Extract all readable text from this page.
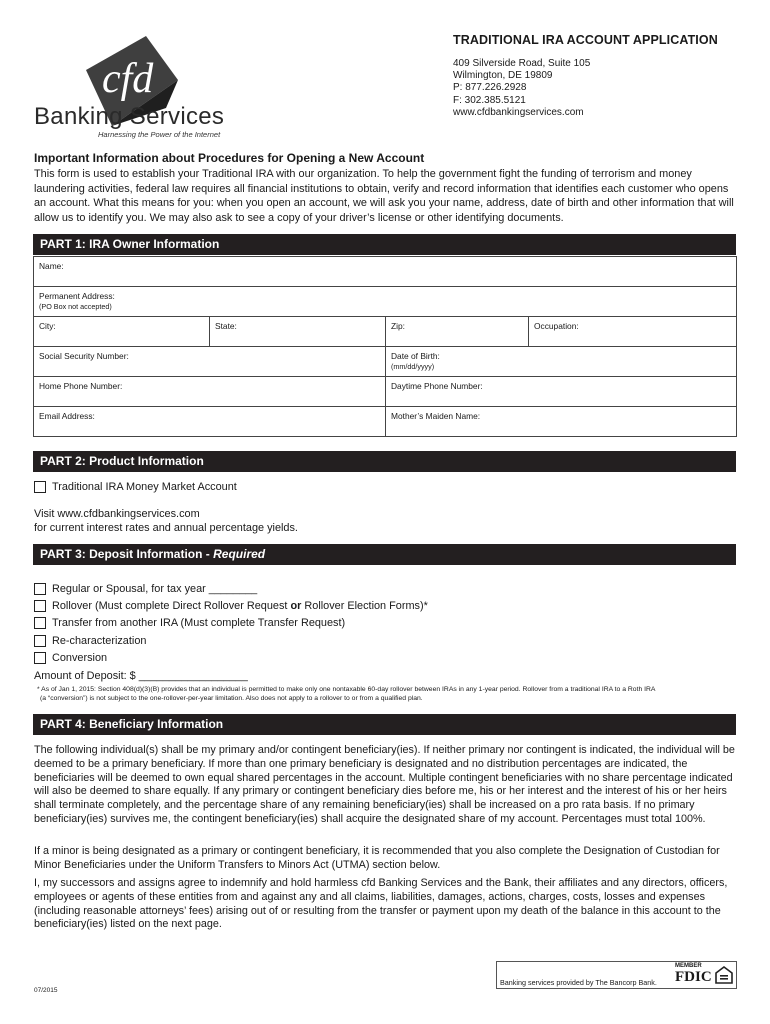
cfd
Banking Services
Harnessing the Power of the Internet
TRADITIONAL IRA ACCOUNT APPLICATION
409 Silverside Road, Suite 105
Wilmington, DE 19809
P: 877.226.2928
F: 302.385.5121
www.cfdbankingservices.com
Important Information about Procedures for Opening a New Account
This form is used to establish your Traditional IRA with our organization. To help the government fight the funding of terrorism and money laundering activities, federal law requires all financial institutions to obtain, verify and record information that identifies each customer who opens an account. What this means for you: when you open an account, we will ask you your name, address, date of birth and other information that will allow us to identify you. We may also ask to see a copy of your driver’s license or other identifying documents.
PART 1: IRA Owner Information
Name:			
Permanent Address:
(PO Box not accepted)			

City:	State:	Zip:	Occupation:
Social Security Number:		Date of Birth:
(mm/dd/yyyy)	

Home Phone Number:		Daytime Phone Number:	
Email Address:		Mother’s Maiden Name:	
PART 2: Product Information
Traditional IRA Money Market Account
Visit www.cfdbankingservices.com
for current interest rates and annual percentage yields.
PART 3: Deposit Information - Required
Regular or Spousal, for tax year ________
Rollover (Must complete Direct Rollover Request or Rollover Election Forms)*
Transfer from another IRA (Must complete Transfer Request)
Re-characterization
Conversion
Amount of Deposit: $ __________________
* As of Jan 1, 2015: Section 408(d)(3)(B) provides that an individual is permitted to make only one nontaxable 60-day rollover between IRAs in any 1-year period. Rollover from a traditional IRA to a Roth IRA
(a “conversion”) is not subject to the one-rollover-per-year limitation. Also does not apply to a rollover to or from a qualified plan.
PART 4: Beneficiary Information
The following individual(s) shall be my primary and/or contingent beneficiary(ies). If neither primary nor contingent is indicated, the individual will be deemed to be a primary beneficiary. If more than one primary beneficiary is designated and no distribution percentages are indicated, the beneficiaries will be deemed to own equal shared percentages in the account. Multiple contingent beneficiaries with no share percentage indicated will also be deemed to share equally. If any primary or contingent beneficiary dies before me, his or her interest and the interest of his or her heirs shall terminate completely, and the percentage share of any remaining beneficiary(ies) shall be increased on a pro rata basis. If no primary beneficiary(ies) survives me, the contingent beneficiary(ies) shall acquire the designated share of my account. Percentages must total 100%.
If a minor is being designated as a primary or contingent beneficiary, it is recommended that you also complete the Designation of Custodian for Minor Beneficiaries under the Uniform Transfers to Minors Act (UTMA) section below.
I, my successors and assigns agree to indemnify and hold harmless cfd Banking Services and the Bank, their affiliates and any directors, officers, employees or agents of these entities from and against any and all claims, liabilities, damages, actions, charges, costs, losses and expenses (including reasonable attorneys’ fees) arising out of or resulting from the transfer or payment upon my death of the balance in this account to the beneficiary(ies) listed on the next page.
07/2015
Banking services provided by The Bancorp Bank.
MEMBER
FDIC
